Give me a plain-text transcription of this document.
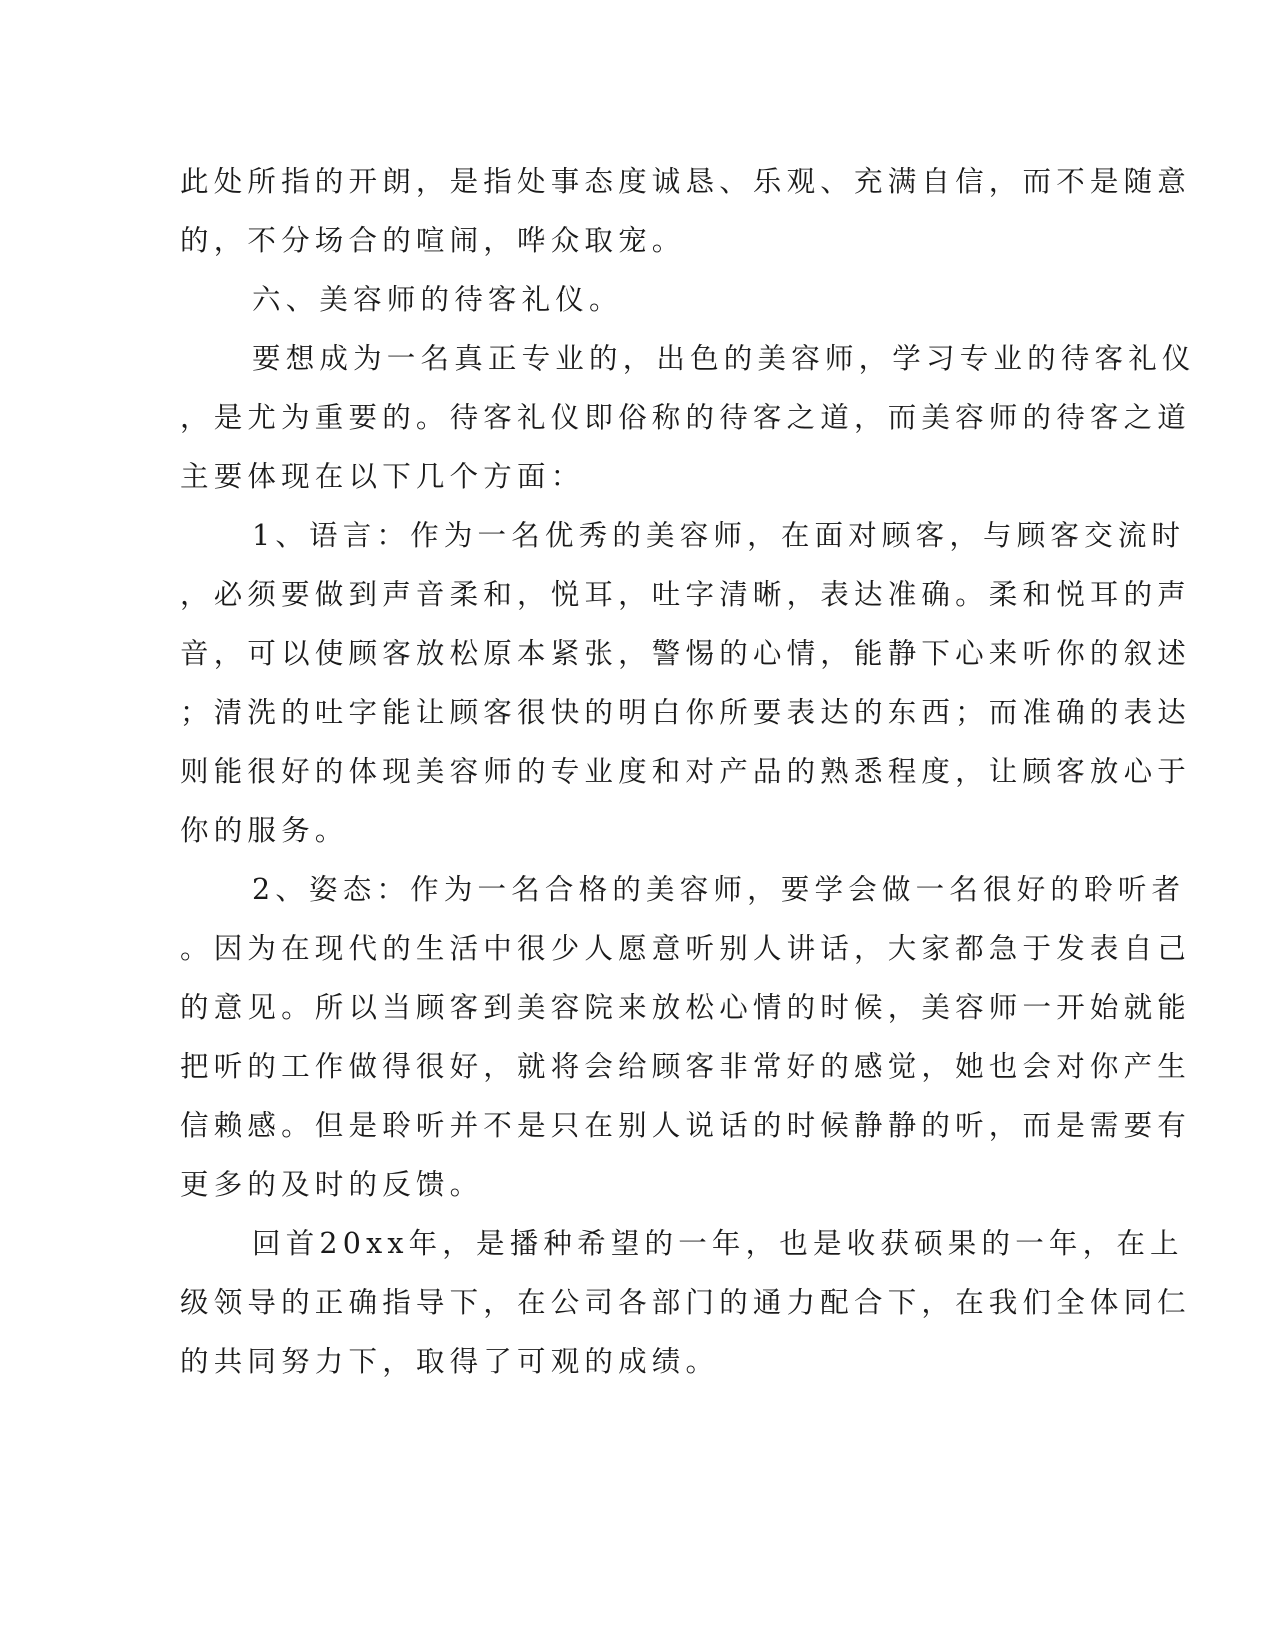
此处所指的开朗，是指处事态度诚恳、乐观、充满自信，而不是随意
的，不分场合的喧闹，哗众取宠。
六、美容师的待客礼仪。
要想成为一名真正专业的，出色的美容师，学习专业的待客礼仪
，是尤为重要的。待客礼仪即俗称的待客之道，而美容师的待客之道
主要体现在以下几个方面：
1、语言：作为一名优秀的美容师，在面对顾客，与顾客交流时
，必须要做到声音柔和，悦耳，吐字清晰，表达准确。柔和悦耳的声
音，可以使顾客放松原本紧张，警惕的心情，能静下心来听你的叙述
；清洗的吐字能让顾客很快的明白你所要表达的东西；而准确的表达
则能很好的体现美容师的专业度和对产品的熟悉程度，让顾客放心于
你的服务。
2、姿态：作为一名合格的美容师，要学会做一名很好的聆听者
。因为在现代的生活中很少人愿意听别人讲话，大家都急于发表自己
的意见。所以当顾客到美容院来放松心情的时候，美容师一开始就能
把听的工作做得很好，就将会给顾客非常好的感觉，她也会对你产生
信赖感。但是聆听并不是只在别人说话的时候静静的听，而是需要有
更多的及时的反馈。
回首20xx年，是播种希望的一年，也是收获硕果的一年，在上
级领导的正确指导下，在公司各部门的通力配合下，在我们全体同仁
的共同努力下，取得了可观的成绩。
